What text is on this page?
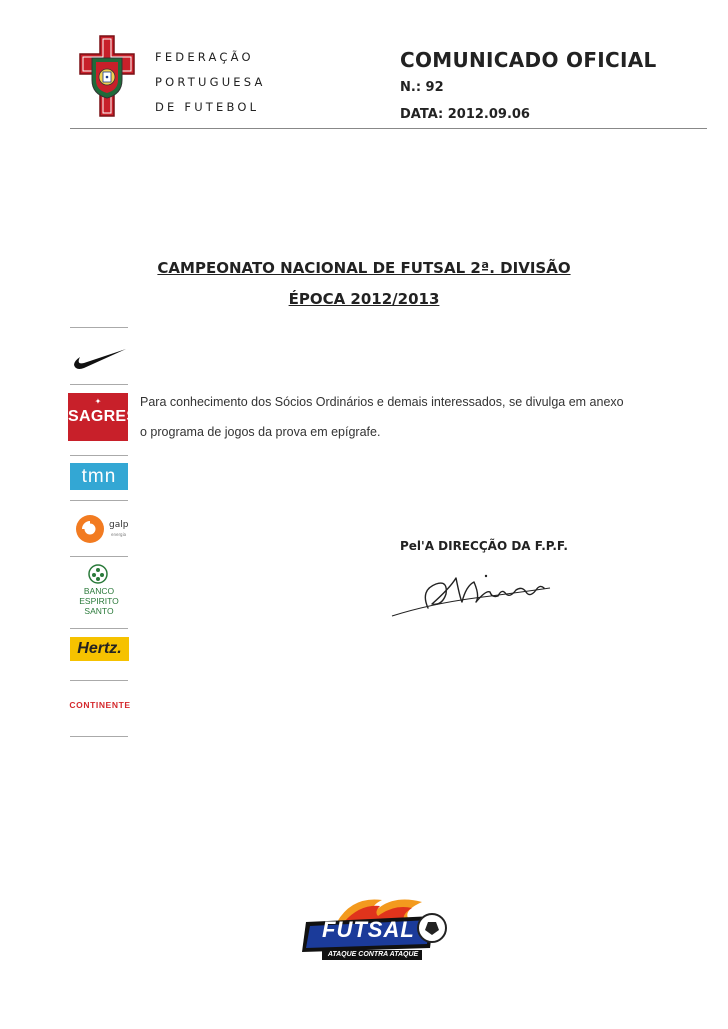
FEDERAÇÃO
PORTUGUESA
DE FUTEBOL
COMUNICADO OFICIAL
N.: 92
DATA: 2012.09.06
CAMPEONATO NACIONAL DE FUTSAL 2ª. DIVISÃO
ÉPOCA 2012/2013
✦
SAGRES
tmn
galp
energia
BANCO
ESPIRITO
SANTO
Hertz.
CONTINENTE
Para conhecimento dos Sócios Ordinários e demais interessados, se divulga em anexo
o programa de jogos da prova em epígrafe.
Pel'A DIRECÇÃO DA F.P.F.
FUTSAL
ATAQUE CONTRA ATAQUE
